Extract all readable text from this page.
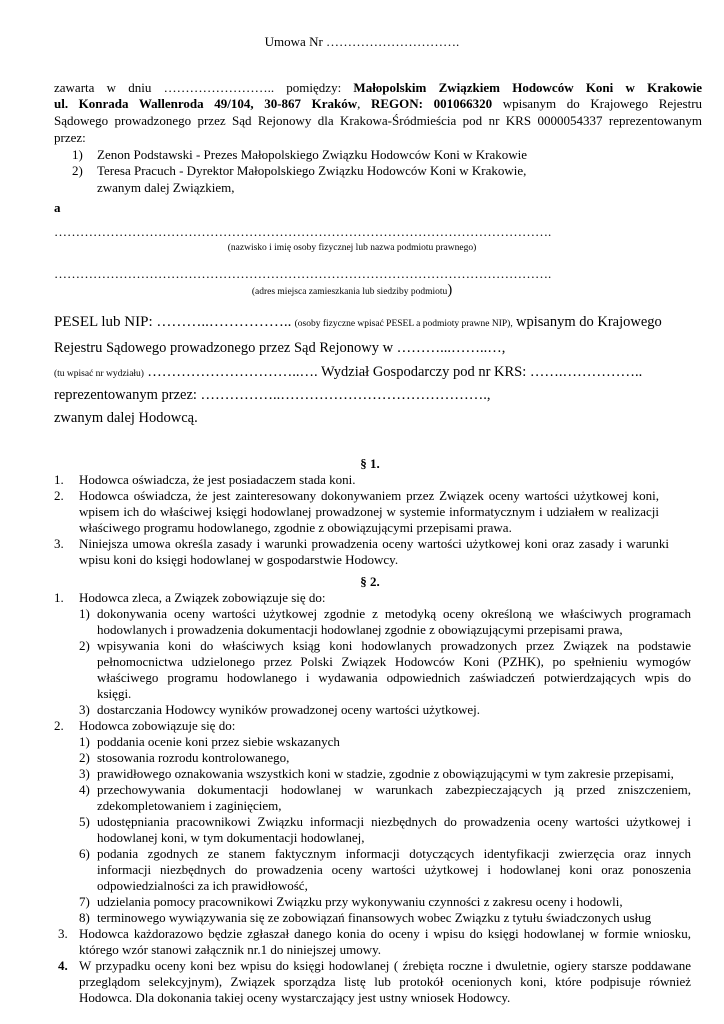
Umowa Nr ………………………….
zawarta w dniu …………………….. pomiędzy: Małopolskim Związkiem Hodowców Koni w Krakowie
ul. Konrada Wallenroda 49/104, 30-867 Kraków, REGON: 001066320 wpisanym do Krajowego Rejestru
Sądowego prowadzonego przez Sąd Rejonowy dla Krakowa-Śródmieścia pod nr KRS 0000054337 reprezentowanym
przez:
1) Zenon Podstawski - Prezes Małopolskiego Związku Hodowców Koni w Krakowie
2) Teresa Pracuch - Dyrektor Małopolskiego Związku Hodowców Koni w Krakowie,
zwanym dalej Związkiem,
a
…………………………………………………………………………………………………….
(nazwisko i imię osoby fizycznej lub nazwa podmiotu prawnego)
…………………………………………………………………………………………………….
(adres miejsca zamieszkania lub siedziby podmiotu)
PESEL lub NIP: ………..…………….. (osoby fizyczne wpisać PESEL a podmioty prawne NIP), wpisanym do Krajowego
Rejestru Sądowego prowadzonego przez Sąd Rejonowy w ………...……..…,
(tu wpisać nr wydziału) …………………………..…. Wydział Gospodarczy pod nr KRS: …….……………..
reprezentowanym przez: ……………..…………………………………….,
zwanym dalej Hodowcą.
§ 1.
1. Hodowca oświadcza, że jest posiadaczem stada koni.
2. Hodowca oświadcza, że jest zainteresowany dokonywaniem przez Związek oceny wartości użytkowej koni,
wpisem ich do właściwej księgi hodowlanej prowadzonej w systemie informatycznym i udziałem w realizacji
właściwego programu hodowlanego, zgodnie z obowiązującymi przepisami prawa.
3. Niniejsza umowa określa zasady i warunki prowadzenia oceny wartości użytkowej koni oraz zasady i warunki
wpisu koni do księgi hodowlanej w gospodarstwie Hodowcy.
§ 2.
1. Hodowca zleca, a Związek zobowiązuje się do:
1) dokonywania oceny wartości użytkowej zgodnie z metodyką oceny określoną we właściwych programach
hodowlanych i prowadzenia dokumentacji hodowlanej zgodnie z obowiązującymi przepisami prawa,
2) wpisywania koni do właściwych ksiąg koni hodowlanych prowadzonych przez Związek na podstawie
pełnomocnictwa udzielonego przez Polski Związek Hodowców Koni (PZHK), po spełnieniu wymogów
właściwego programu hodowlanego i wydawania odpowiednich zaświadczeń potwierdzających wpis do
księgi.
3) dostarczania Hodowcy wyników prowadzonej oceny wartości użytkowej.
2. Hodowca zobowiązuje się do:
1) poddania ocenie koni przez siebie wskazanych
2) stosowania rozrodu kontrolowanego,
3) prawidłowego oznakowania wszystkich koni w stadzie, zgodnie z obowiązującymi w tym zakresie przepisami,
4) przechowywania dokumentacji hodowlanej w warunkach zabezpieczających ją przed zniszczeniem,
zdekompletowaniem i zaginięciem,
5) udostępniania pracownikowi Związku informacji niezbędnych do prowadzenia oceny wartości użytkowej i
hodowlanej koni, w tym dokumentacji hodowlanej,
6) podania zgodnych ze stanem faktycznym informacji dotyczących identyfikacji zwierzęcia oraz innych
informacji niezbędnych do prowadzenia oceny wartości użytkowej i hodowlanej koni oraz ponoszenia
odpowiedzialności za ich prawidłowość,
7) udzielania pomocy pracownikowi Związku przy wykonywaniu czynności z zakresu oceny i hodowli,
8) terminowego wywiązywania się ze zobowiązań finansowych wobec Związku z tytułu świadczonych usług
3. Hodowca każdorazowo będzie zgłaszał danego konia do oceny i wpisu do księgi hodowlanej w formie wniosku,
którego wzór stanowi załącznik nr.1 do niniejszej umowy.
4. W przypadku oceny koni bez wpisu do księgi hodowlanej ( źrebięta roczne i dwuletnie, ogiery starsze poddawane
przeglądom selekcyjnym), Związek sporządza listę lub protokół ocenionych koni, które podpisuje również
Hodowca. Dla dokonania takiej oceny wystarczający jest ustny wniosek Hodowcy.
